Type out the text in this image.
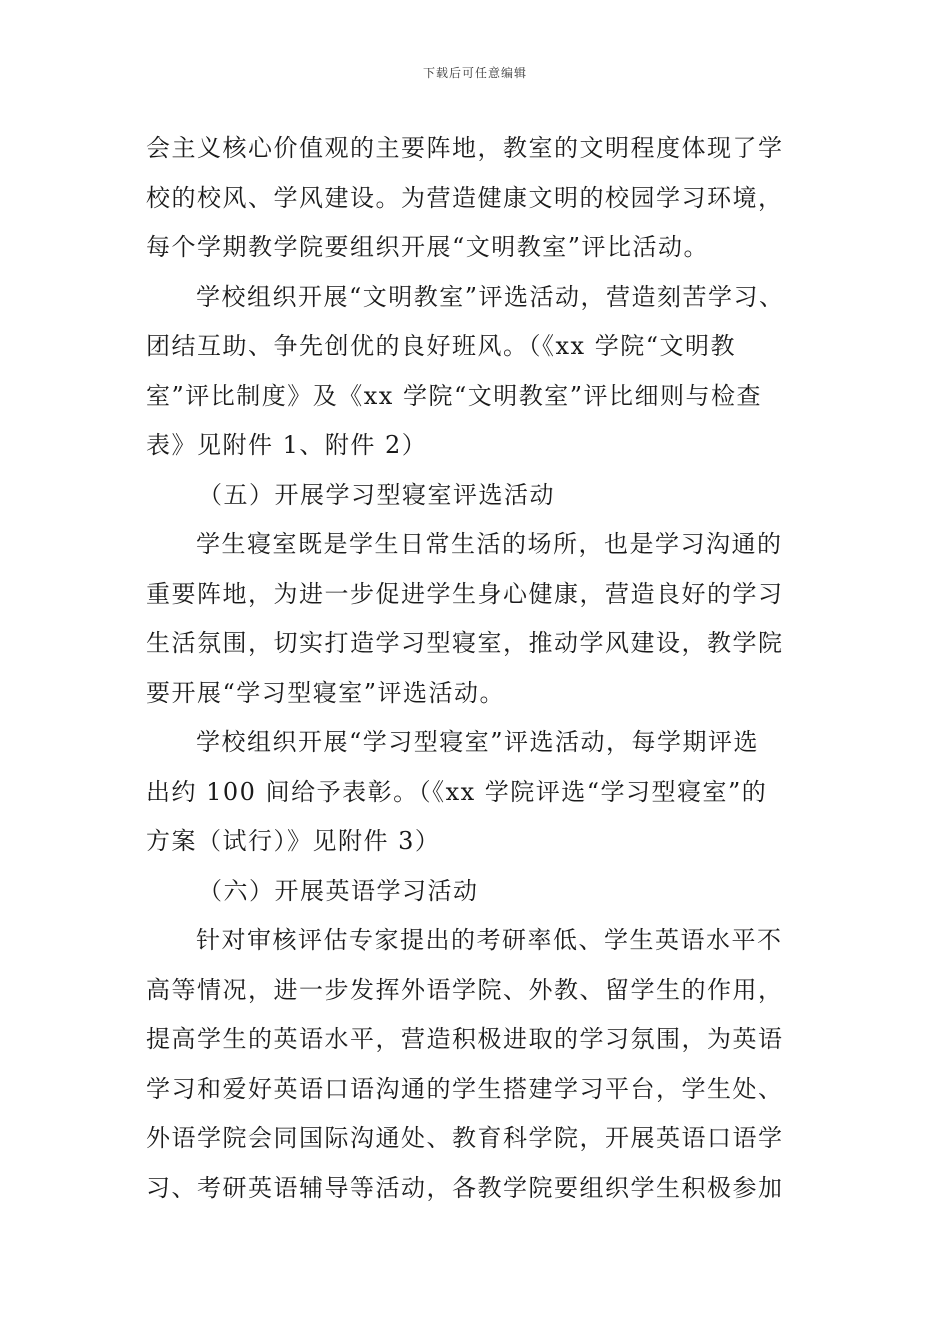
下载后可任意编辑
会主义核心价值观的主要阵地，教室的文明程度体现了学
校的校风、学风建设。为营造健康文明的校园学习环境，
每个学期教学院要组织开展“文明教室”评比活动。
学校组织开展“文明教室”评选活动，营造刻苦学习、
团结互助、争先创优的良好班风。（《xx 学院“文明教
室”评比制度》及《xx 学院“文明教室”评比细则与检查
表》见附件 1、附件 2）
（五）开展学习型寝室评选活动
学生寝室既是学生日常生活的场所，也是学习沟通的
重要阵地，为进一步促进学生身心健康，营造良好的学习
生活氛围，切实打造学习型寝室，推动学风建设，教学院
要开展“学习型寝室”评选活动。
学校组织开展“学习型寝室”评选活动，每学期评选
出约 100 间给予表彰。（《xx 学院评选“学习型寝室”的
方案（试行）》见附件 3）
（六）开展英语学习活动
针对审核评估专家提出的考研率低、学生英语水平不
高等情况，进一步发挥外语学院、外教、留学生的作用，
提高学生的英语水平，营造积极进取的学习氛围，为英语
学习和爱好英语口语沟通的学生搭建学习平台，学生处、
外语学院会同国际沟通处、教育科学院，开展英语口语学
习、考研英语辅导等活动，各教学院要组织学生积极参加
